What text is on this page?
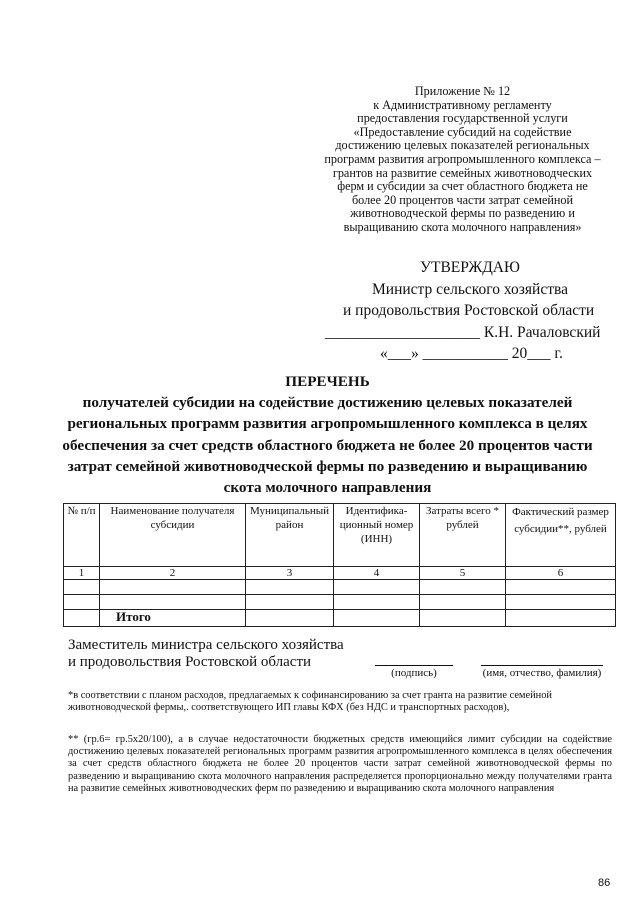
Приложение № 12
к Административному регламенту
предоставления государственной услуги
«Предоставление субсидий на содействие
достижению целевых показателей региональных
программ развития агропромышленного комплекса –
грантов на развитие семейных животноводческих
ферм и субсидии за счет областного бюджета не
более 20 процентов части затрат семейной
животноводческой фермы по разведению и
выращиванию скота молочного направления»
УТВЕРЖДАЮ
Министр сельского хозяйства
и продовольствия Ростовской области
____________________ К.Н. Рачаловский
«___» ___________ 20___ г.
ПЕРЕЧЕНЬ
получателей субсидии на содействие достижению целевых показателей
региональных программ развития агропромышленного комплекса в целях
обеспечения за счет средств областного бюджета не более 20 процентов части
затрат семейной животноводческой фермы по разведению и выращиванию
скота молочного направления
№ п/п	Наименование получателя субсидии	Муниципальный район	Идентифика-ционный номер (ИНН)	Затраты всего * рублей	Фактический размер субсидии**, рублей
1	2	3	4	5	6

	Итого				
Заместитель министра сельского хозяйства
и продовольствия Ростовской области
(подпись)	(имя, отчество, фамилия)
*в соответствии с планом расходов, предлагаемых к софинансированию за счет гранта на развитие семейной животноводческой фермы,. соответствующего ИП главы КФХ (без НДС и транспортных расходов),
** (гр.6= гр.5х20/100), а в случае недостаточности бюджетных средств имеющийся лимит субсидии на содействие достижению целевых показателей региональных программ развития агропромышленного комплекса в целях обеспечения за счет средств областного бюджета не более 20 процентов части затрат семейной животноводческой фермы по разведению и выращиванию скота молочного направления распределяется пропорционально между получателями гранта на развитие семейных животноводческих ферм по разведению и выращиванию скота молочного направления
86
